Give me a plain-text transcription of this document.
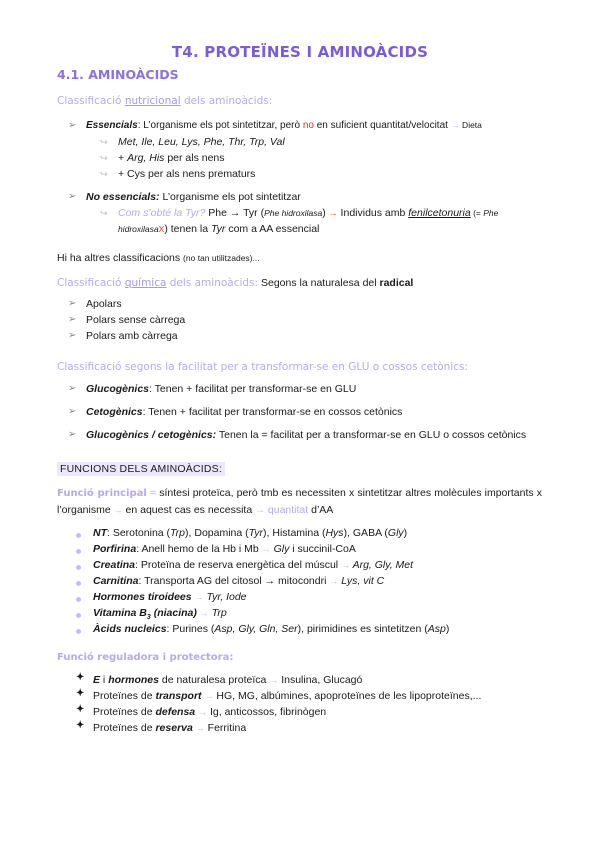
T4. PROTEÏNES I AMINOÀCIDS
4.1. AMINOÀCIDS
Classificació nutricional dels aminoàcids:
➢ Essencials: L’organisme els pot sintetitzar, però no en suficient quantitat/velocitat → Dieta
↪ Met, Ile, Leu, Lys, Phe, Thr, Trp, Val
↪ + Arg, His per als nens
↪ + Cys per als nens prematurs
➢ No essencials: L’organisme els pot sintetitzar
↪ Com s’obté la Tyr? Phe → Tyr (Phe hidroxilasa) → Individus amb fenilcetonuria (= Phe
hidroxilasaX) tenen la Tyr com a AA essencial
Hi ha altres classificacions (no tan utilitzades)...
Classificació química dels aminoàcids: Segons la naturalesa del radical
➢ Apolars
➢ Polars sense càrrega
➢ Polars amb càrrega
Classificació segons la facilitat per a transformar-se en GLU o cossos cetònics:
➢ Glucogènics: Tenen + facilitat per transformar-se en GLU
➢ Cetogènics: Tenen + facilitat per transformar-se en cossos cetònics
➢ Glucogènics / cetogènics: Tenen la = facilitat per a transformar-se en GLU o cossos cetònics
FUNCIONS DELS AMINOÀCIDS:
Funció principal = síntesi proteïca, però tmb es necessiten x sintetitzar altres molècules importants x l’organisme → en aquest cas es necessita → quantitat d’AA
NT: Serotonina (Trp), Dopamina (Tyr), Histamina (Hys), GABA (Gly)
Porfirina: Anell hemo de la Hb i Mb → Gly i succinil-CoA
Creatina: Proteïna de reserva energètica del múscul → Arg, Gly, Met
Carnitina: Transporta AG del citosol → mitocondri → Lys, vit C
Hormones tiroidees → Tyr, Iode
Vitamina $B_3$ (niacina) → Trp
Àcids nucleics: Purines (Asp, Gly, Gln, Ser), pirimidines es sintetitzen (Asp)
Funció reguladora i protectora:
✦ E i hormones de naturalesa proteïca → Insulina, Glucagó
✦ Proteïnes de transport → HG, MG, albúmines, apoproteïnes de les lipoproteïnes,...
✦ Proteïnes de defensa → Ig, anticossos, fibrinògen
✦ Proteïnes de reserva → Ferritina
